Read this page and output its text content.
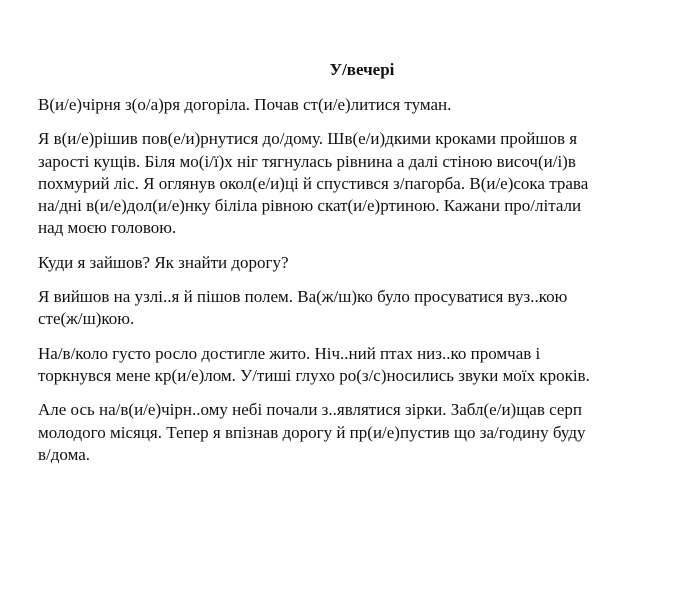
У/вечері
В(и/е)чірня з(о/а)ря догоріла. Почав ст(и/е)литися туман.
Я в(и/е)рішив пов(е/и)рнутися до/дому. Шв(е/и)дкими кроками пройшов я
зарості кущів. Біля мо(і/ї)х ніг тягнулась рівнина а далі стіною височ(и/і)в
похмурий ліс. Я оглянув окол(е/и)ці й спустився з/пагорба. В(и/е)сока трава
на/дні в(и/е)дол(и/е)нку біліла рівною скат(и/е)ртиною. Кажани про/літали
над моєю головою.
Куди я зайшов? Як знайти дорогу?
Я вийшов на узлі..я й пішов полем. Ва(ж/ш)ко було просуватися вуз..кою
сте(ж/ш)кою.
На/в/коло густо росло достигле жито. Ніч..ний птах низ..ко промчав і
торкнувся мене кр(и/е)лом. У/тиші глухо ро(з/с)носились звуки моїх кроків.
Але ось на/в(и/е)чірн..ому небі почали з..являтися зірки. Забл(е/и)щав серп
молодого місяця. Тепер я впізнав дорогу й пр(и/е)пустив що за/годину буду
в/дома.
